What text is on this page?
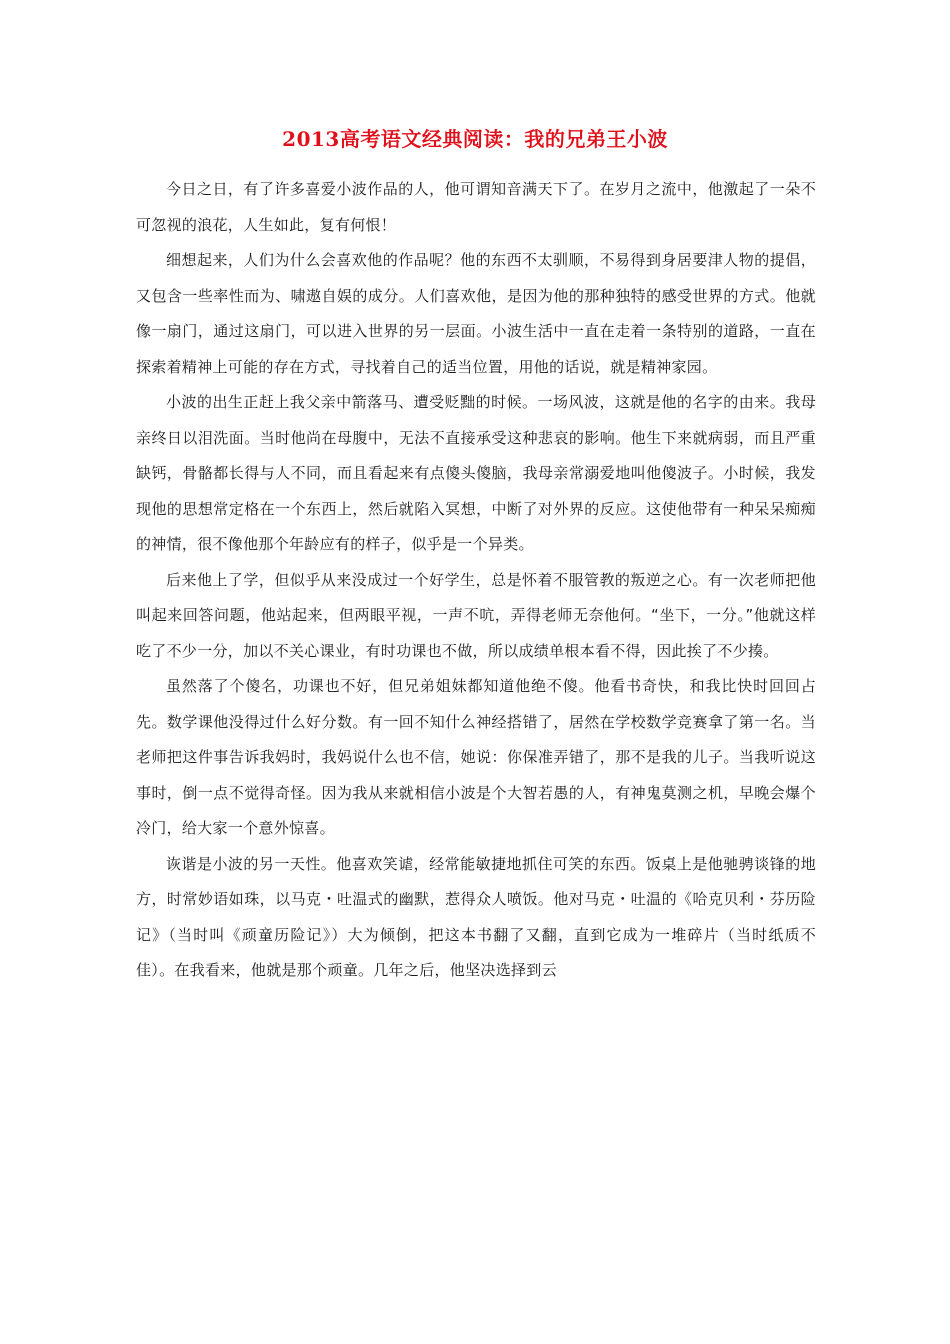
2013高考语文经典阅读：我的兄弟王小波

今日之日，有了许多喜爱小波作品的人，他可谓知音满天下了。在岁月之流中，他激起了一朵不可忽视的浪花，人生如此，复有何恨！

细想起来，人们为什么会喜欢他的作品呢？他的东西不太驯顺，不易得到身居要津人物的提倡，又包含一些率性而为、啸遨自娱的成分。人们喜欢他，是因为他的那种独特的感受世界的方式。他就像一扇门，通过这扇门，可以进入世界的另一层面。小波生活中一直在走着一条特别的道路，一直在探索着精神上可能的存在方式，寻找着自己的适当位置，用他的话说，就是精神家园。

小波的出生正赶上我父亲中箭落马、遭受贬黜的时候。一场风波，这就是他的名字的由来。我母亲终日以泪洗面。当时他尚在母腹中，无法不直接承受这种悲哀的影响。他生下来就病弱，而且严重缺钙，骨骼都长得与人不同，而且看起来有点傻头傻脑，我母亲常溺爱地叫他傻波子。小时候，我发现他的思想常定格在一个东西上，然后就陷入冥想，中断了对外界的反应。这使他带有一种呆呆痴痴的神情，很不像他那个年龄应有的样子，似乎是一个异类。

后来他上了学，但似乎从来没成过一个好学生，总是怀着不服管教的叛逆之心。有一次老师把他叫起来回答问题，他站起来，但两眼平视，一声不吭，弄得老师无奈他何。“坐下，一分。”他就这样吃了不少一分，加以不关心课业，有时功课也不做，所以成绩单根本看不得，因此挨了不少揍。

虽然落了个傻名，功课也不好，但兄弟姐妹都知道他绝不傻。他看书奇快，和我比快时回回占先。数学课他没得过什么好分数。有一回不知什么神经搭错了，居然在学校数学竞赛拿了第一名。当老师把这件事告诉我妈时，我妈说什么也不信，她说：你保准弄错了，那不是我的儿子。当我听说这事时，倒一点不觉得奇怪。因为我从来就相信小波是个大智若愚的人，有神鬼莫测之机，早晚会爆个冷门，给大家一个意外惊喜。

诙谐是小波的另一天性。他喜欢笑谑，经常能敏捷地抓住可笑的东西。饭桌上是他驰骋谈锋的地方，时常妙语如珠，以马克・吐温式的幽默，惹得众人喷饭。他对马克・吐温的《哈克贝利・芬历险记》（当时叫《顽童历险记》）大为倾倒，把这本书翻了又翻，直到它成为一堆碎片（当时纸质不佳）。在我看来，他就是那个顽童。几年之后，他坚决选择到云
